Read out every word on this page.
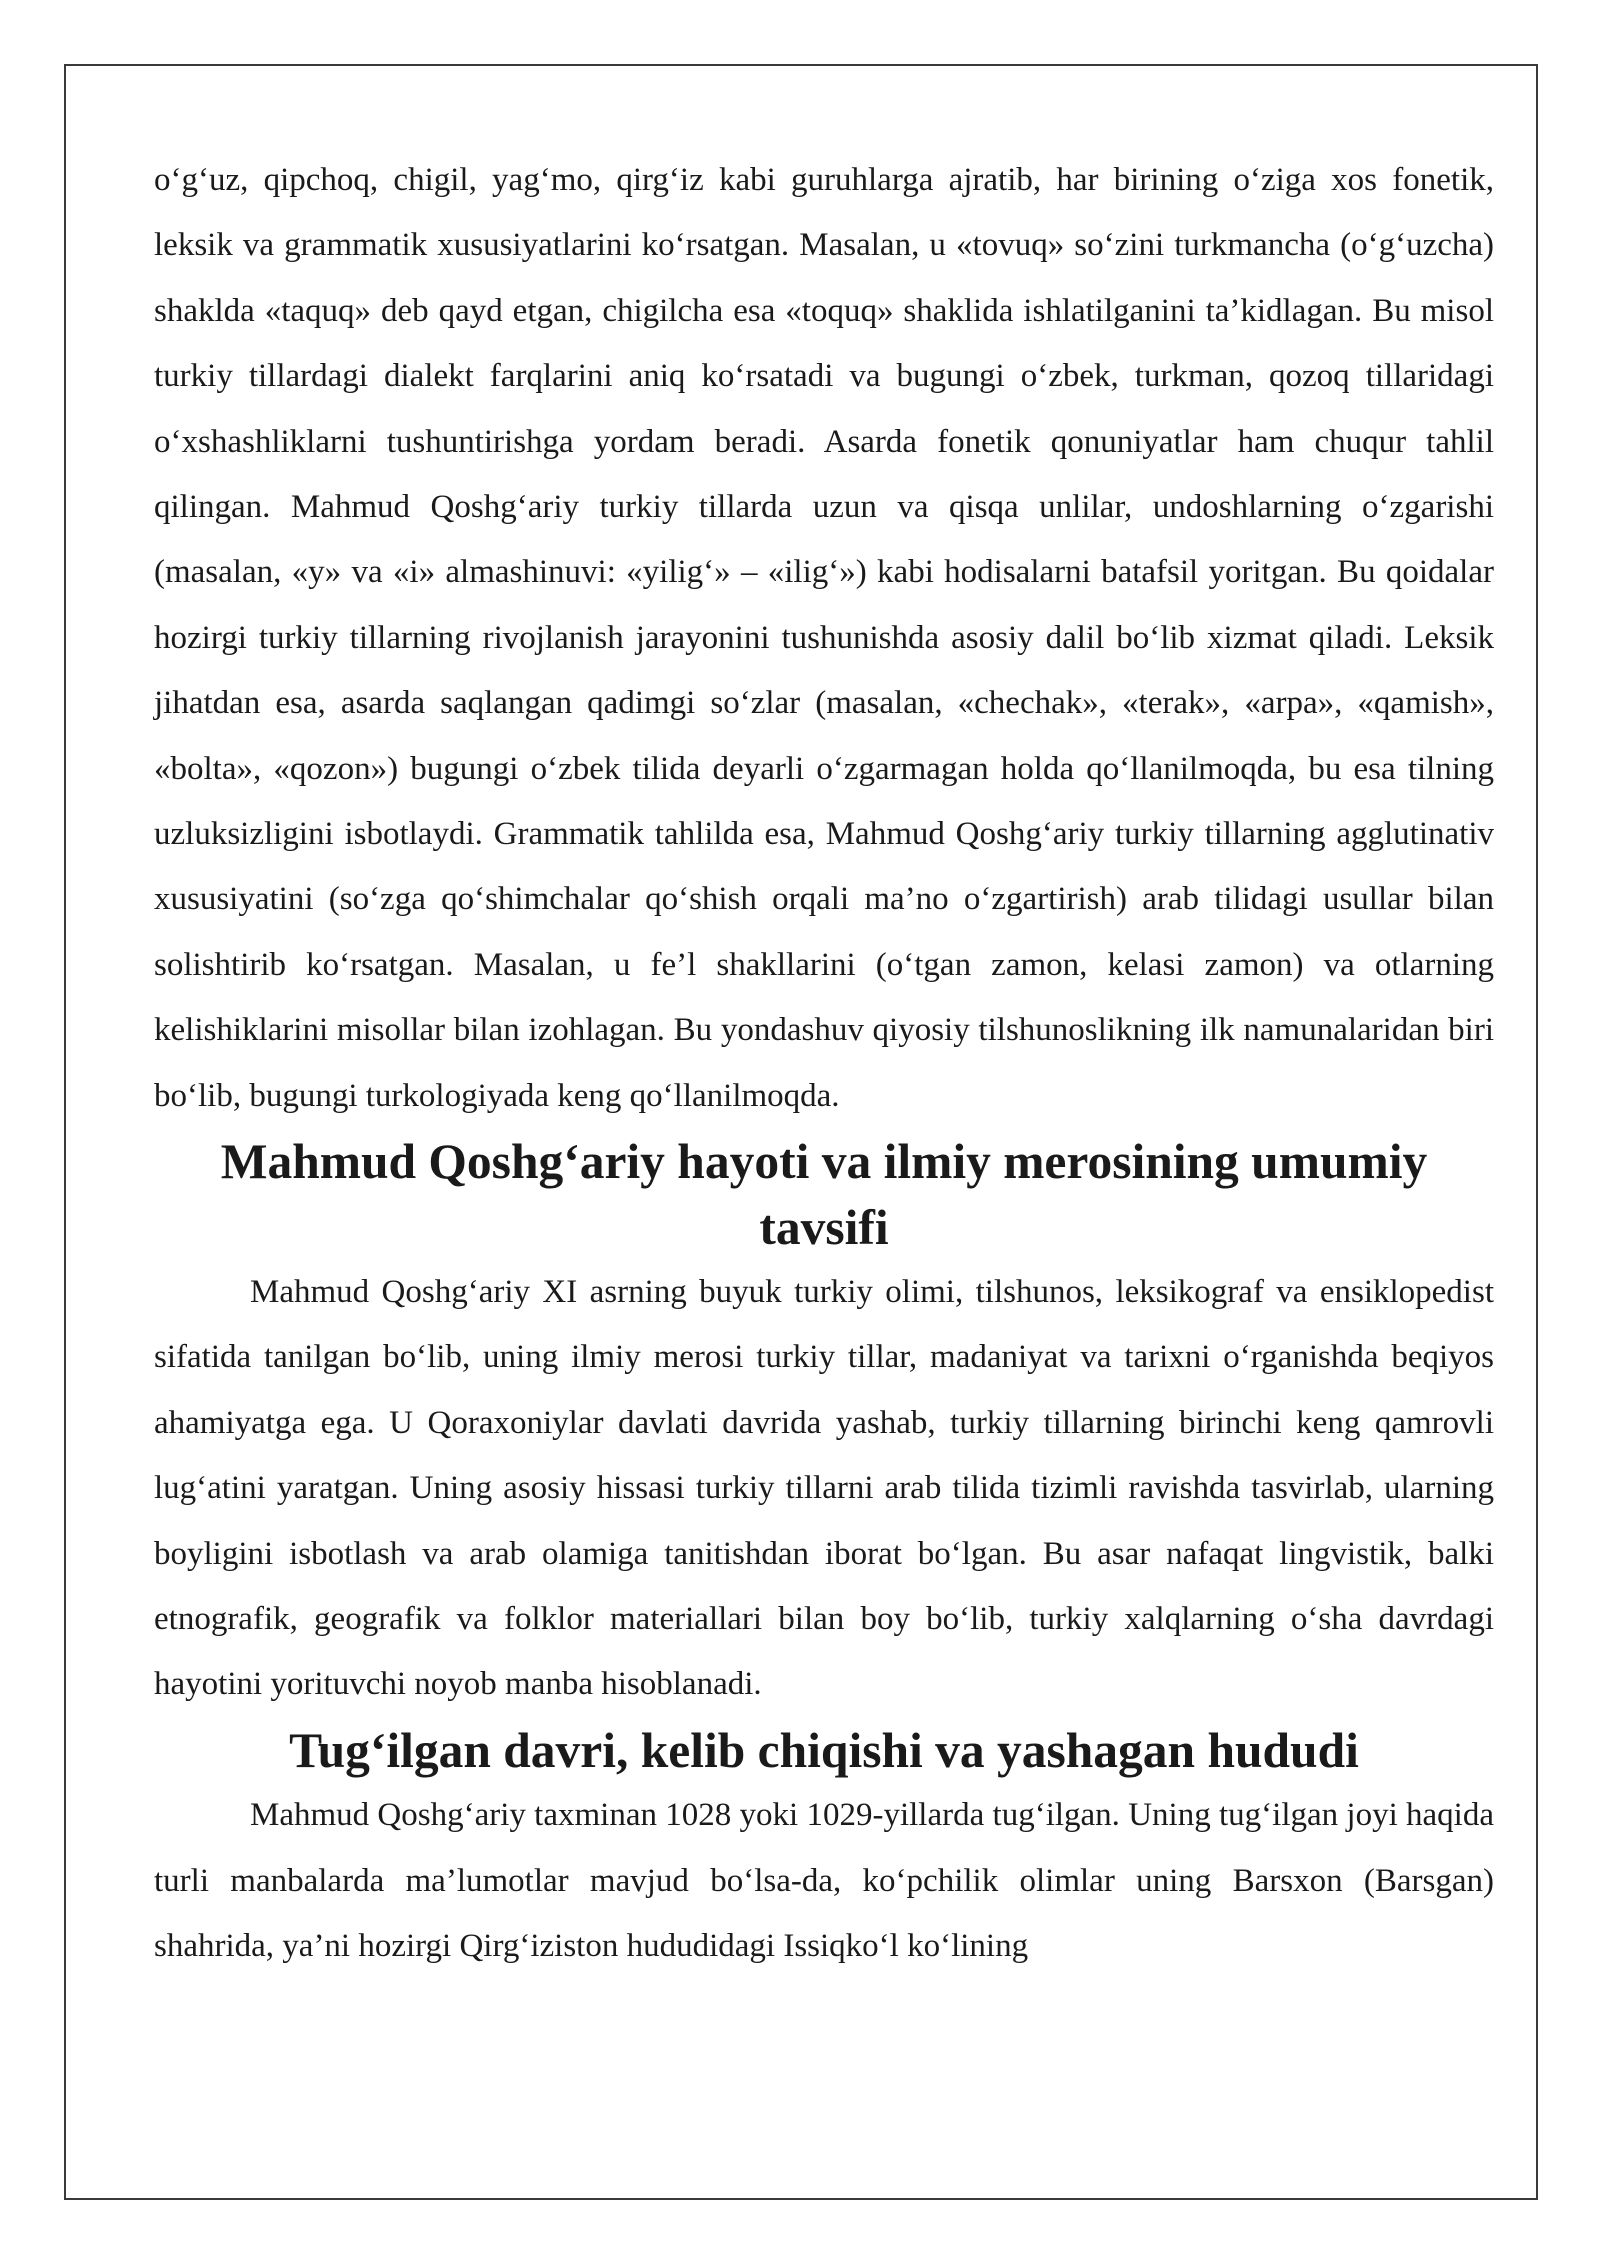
o‘g‘uz, qipchoq, chigil, yag‘mo, qirg‘iz kabi guruhlarga ajratib, har birining o‘ziga xos fonetik, leksik va grammatik xususiyatlarini ko‘rsatgan. Masalan, u «tovuq» so‘zini turkmancha (o‘g‘uzcha) shaklda «taquq» deb qayd etgan, chigilcha esa «toquq» shaklida ishlatilganini ta’kidlagan. Bu misol turkiy tillardagi dialekt farqlarini aniq ko‘rsatadi va bugungi o‘zbek, turkman, qozoq tillaridagi o‘xshashliklarni tushuntirishga yordam beradi. Asarda fonetik qonuniyatlar ham chuqur tahlil qilingan. Mahmud Qoshg‘ariy turkiy tillarda uzun va qisqa unlilar, undoshlarning o‘zgarishi (masalan, «y» va «i» almashinuvi: «yilig‘» – «ilig‘») kabi hodisalarni batafsil yoritgan. Bu qoidalar hozirgi turkiy tillarning rivojlanish jarayonini tushunishda asosiy dalil bo‘lib xizmat qiladi. Leksik jihatdan esa, asarda saqlangan qadimgi so‘zlar (masalan, «chechak», «terak», «arpa», «qamish», «bolta», «qozon») bugungi o‘zbek tilida deyarli o‘zgarmagan holda qo‘llanilmoqda, bu esa tilning uzluksizligini isbotlaydi. Grammatik tahlilda esa, Mahmud Qoshg‘ariy turkiy tillarning agglutinativ xususiyatini (so‘zga qo‘shimchalar qo‘shish orqali ma’no o‘zgartirish) arab tilidagi usullar bilan solishtirib ko‘rsatgan. Masalan, u fe’l shakllarini (o‘tgan zamon, kelasi zamon) va otlarning kelishiklarini misollar bilan izohlagan. Bu yondashuv qiyosiy tilshunoslikning ilk namunalaridan biri bo‘lib, bugungi turkologiyada keng qo‘llanilmoqda.

Mahmud Qoshg‘ariy hayoti va ilmiy merosining umumiy tavsifi

Mahmud Qoshg‘ariy XI asrning buyuk turkiy olimi, tilshunos, leksikograf va ensiklopedist sifatida tanilgan bo‘lib, uning ilmiy merosi turkiy tillar, madaniyat va tarixni o‘rganishda beqiyos ahamiyatga ega. U Qoraxoniylar davlati davrida yashab, turkiy tillarning birinchi keng qamrovli lug‘atini yaratgan. Uning asosiy hissasi turkiy tillarni arab tilida tizimli ravishda tasvirlab, ularning boyligini isbotlash va arab olamiga tanitishdan iborat bo‘lgan. Bu asar nafaqat lingvistik, balki etnografik, geografik va folklor materiallari bilan boy bo‘lib, turkiy xalqlarning o‘sha davrdagi hayotini yorituvchi noyob manba hisoblanadi.

Tug‘ilgan davri, kelib chiqishi va yashagan hududi

Mahmud Qoshg‘ariy taxminan 1028 yoki 1029-yillarda tug‘ilgan. Uning tug‘ilgan joyi haqida turli manbalarda ma’lumotlar mavjud bo‘lsa-da, ko‘pchilik olimlar uning Barsxon (Barsgan) shahrida, ya’ni hozirgi Qirg‘iziston hududidagi Issiqko‘l ko‘lining
